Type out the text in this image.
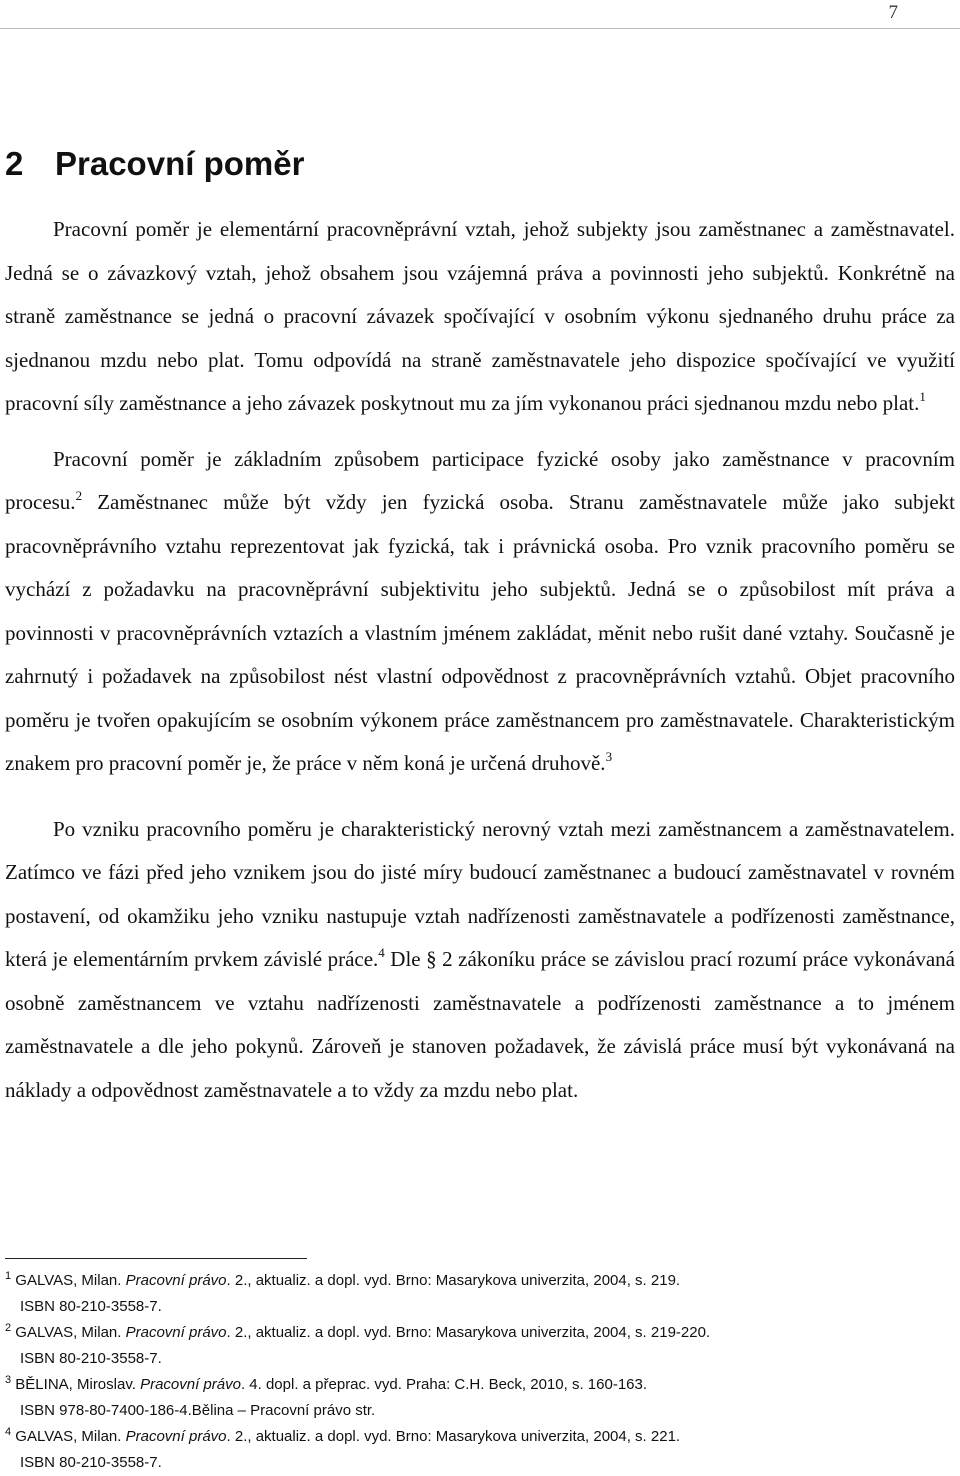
7
2 Pracovní poměr

Pracovní poměr je elementární pracovněprávní vztah, jehož subjekty jsou zaměstnanec a zaměstnavatel. Jedná se o závazkový vztah, jehož obsahem jsou vzájemná práva a povinnosti jeho subjektů. Konkrétně na straně zaměstnance se jedná o pracovní závazek spočívající v osobním výkonu sjednaného druhu práce za sjednanou mzdu nebo plat. Tomu odpovídá na straně zaměstnavatele jeho dispozice spočívající ve využití pracovní síly zaměstnance a jeho závazek poskytnout mu za jím vykonanou práci sjednanou mzdu nebo plat.$^1$

Pracovní poměr je základním způsobem participace fyzické osoby jako zaměstnance v pracovním procesu.$^2$ Zaměstnanec může být vždy jen fyzická osoba. Stranu zaměstnavatele může jako subjekt pracovněprávního vztahu reprezentovat jak fyzická, tak i právnická osoba. Pro vznik pracovního poměru se vychází z požadavku na pracovněprávní subjektivitu jeho subjektů. Jedná se o způsobilost mít práva a povinnosti v pracovněprávních vztazích a vlastním jménem zakládat, měnit nebo rušit dané vztahy. Současně je zahrnutý i požadavek na způsobilost nést vlastní odpovědnost z pracovněprávních vztahů. Objet pracovního poměru je tvořen opakujícím se osobním výkonem práce zaměstnancem pro zaměstnavatele. Charakteristickým znakem pro pracovní poměr je, že práce v něm koná je určená druhově.$^3$

Po vzniku pracovního poměru je charakteristický nerovný vztah mezi zaměstnancem a zaměstnavatelem. Zatímco ve fázi před jeho vznikem jsou do jisté míry budoucí zaměstnanec a budoucí zaměstnavatel v rovném postavení, od okamžiku jeho vzniku nastupuje vztah nadřízenosti zaměstnavatele a podřízenosti zaměstnance, která je elementárním prvkem závislé práce.$^4$ Dle § 2 zákoníku práce se závislou prací rozumí práce vykonávaná osobně zaměstnancem ve vztahu nadřízenosti zaměstnavatele a podřízenosti zaměstnance a to jménem zaměstnavatele a dle jeho pokynů. Zároveň je stanoven požadavek, že závislá práce musí být vykonávaná na náklady a odpovědnost zaměstnavatele a to vždy za mzdu nebo plat.

$^1$ GALVAS, Milan. Pracovní právo. 2., aktualiz. a dopl. vyd. Brno: Masarykova univerzita, 2004, s. 219.
ISBN 80-210-3558-7.

$^2$ GALVAS, Milan. Pracovní právo. 2., aktualiz. a dopl. vyd. Brno: Masarykova univerzita, 2004, s. 219-220.
ISBN 80-210-3558-7.

$^3$ BĚLINA, Miroslav. Pracovní právo. 4. dopl. a přeprac. vyd. Praha: C.H. Beck, 2010, s. 160-163.
ISBN 978-80-7400-186-4.Bělina – Pracovní právo str.

$^4$ GALVAS, Milan. Pracovní právo. 2., aktualiz. a dopl. vyd. Brno: Masarykova univerzita, 2004, s. 221.
ISBN 80-210-3558-7.
